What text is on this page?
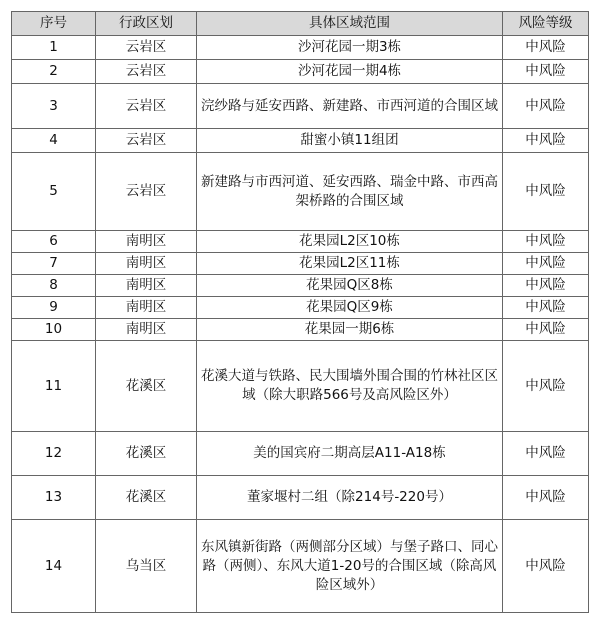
序号	行政区划	具体区域范围	风险等级
1	云岩区	沙河花园一期3栋	中风险
2	云岩区	沙河花园一期4栋	中风险
3	云岩区	浣纱路与延安西路、新建路、市西河道的合围区域	中风险
4	云岩区	甜蜜小镇11组团	中风险
5	云岩区	新建路与市西河道、延安西路、瑞金中路、市西高架桥路的合围区域	中风险
6	南明区	花果园L2区10栋	中风险
7	南明区	花果园L2区11栋	中风险
8	南明区	花果园Q区8栋	中风险
9	南明区	花果园Q区9栋	中风险
10	南明区	花果园一期6栋	中风险
11	花溪区	花溪大道与铁路、民大围墙外围合围的竹林社区区域（除大职路566号及高风险区外）	中风险
12	花溪区	美的国宾府二期高层A11-A18栋	中风险
13	花溪区	董家堰村二组（除214号-220号）	中风险
14	乌当区	东风镇新街路（两侧部分区域）与堡子路口、同心路（两侧）、东风大道1-20号的合围区域（除高风险区域外）	中风险
